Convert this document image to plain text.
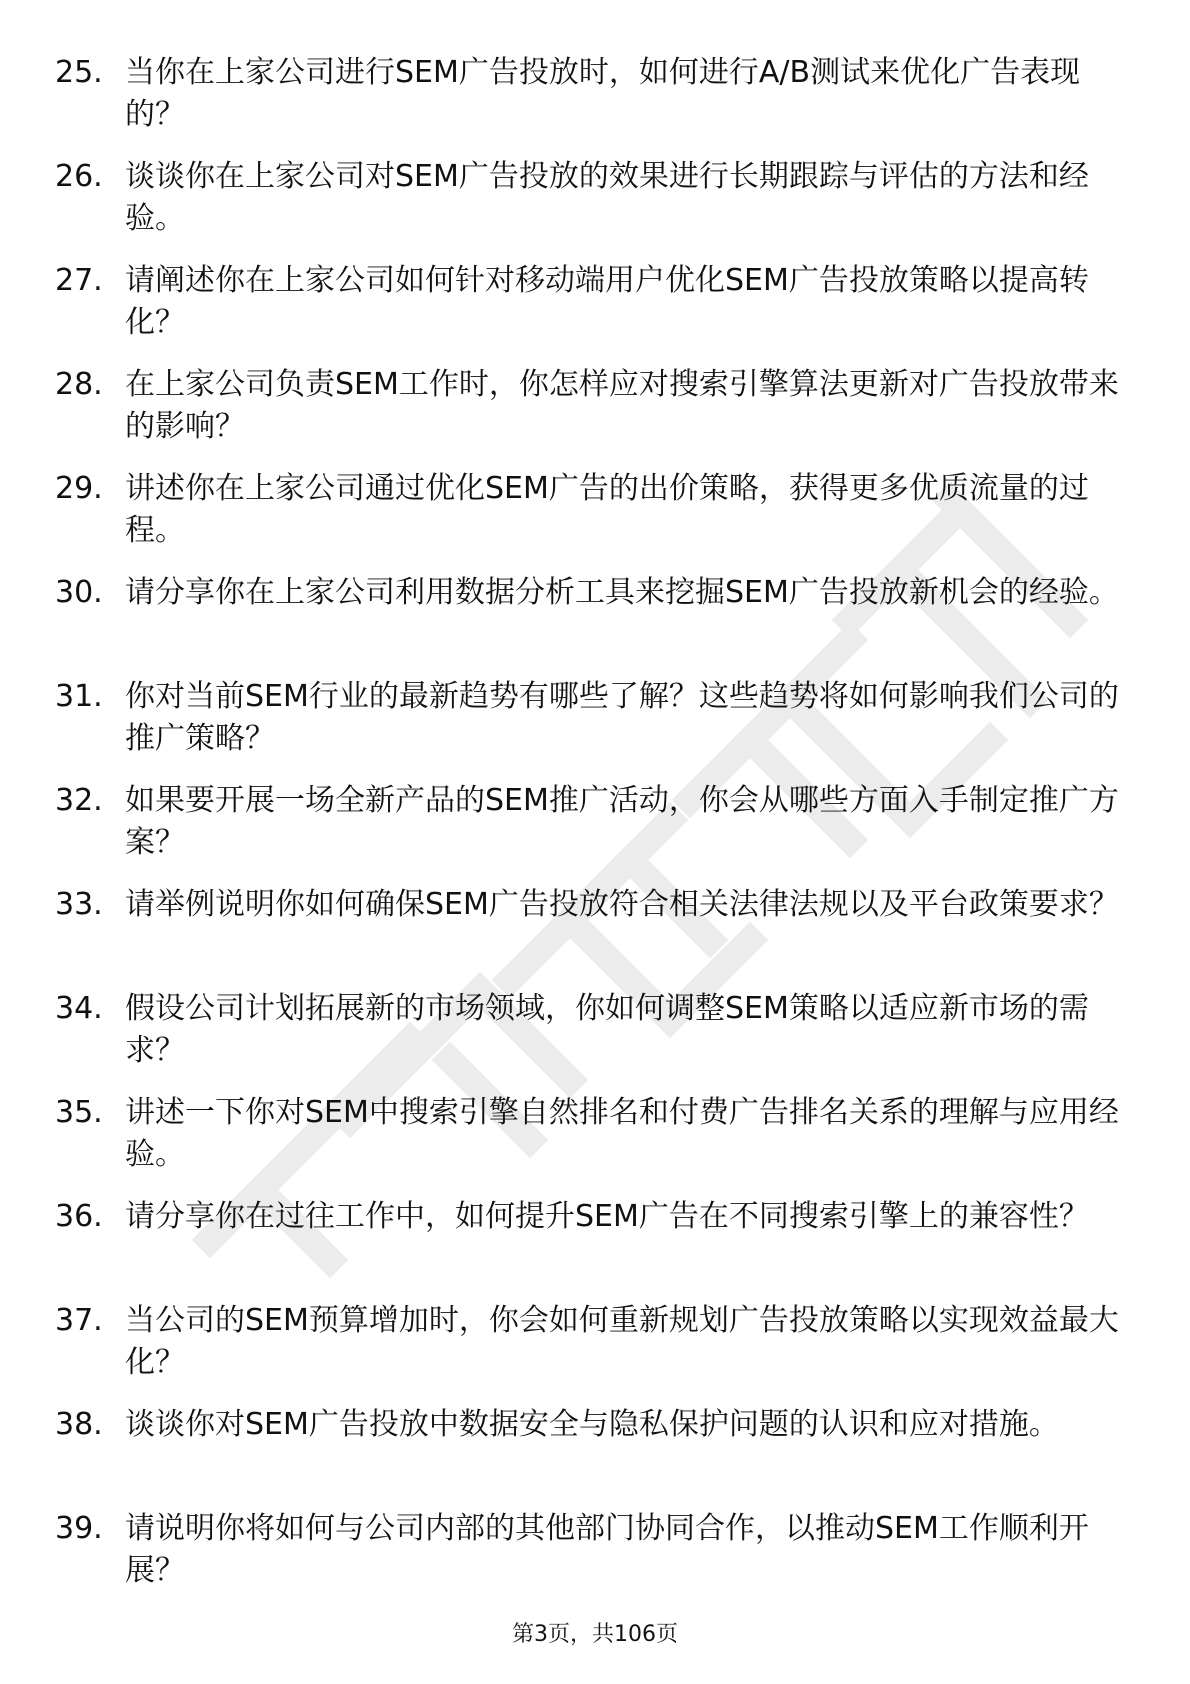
25. 当你在上家公司进行SEM广告投放时，如何进行A/B测试来优化广告表现的？
26. 谈谈你在上家公司对SEM广告投放的效果进行长期跟踪与评估的方法和经验。
27. 请阐述你在上家公司如何针对移动端用户优化SEM广告投放策略以提高转化？
28. 在上家公司负责SEM工作时，你怎样应对搜索引擎算法更新对广告投放带来的影响？
29. 讲述你在上家公司通过优化SEM广告的出价策略，获得更多优质流量的过程。
30. 请分享你在上家公司利用数据分析工具来挖掘SEM广告投放新机会的经验。
31. 你对当前SEM行业的最新趋势有哪些了解？这些趋势将如何影响我们公司的推广策略？
32. 如果要开展一场全新产品的SEM推广活动，你会从哪些方面入手制定推广方案？
33. 请举例说明你如何确保SEM广告投放符合相关法律法规以及平台政策要求？
34. 假设公司计划拓展新的市场领域，你如何调整SEM策略以适应新市场的需求？
35. 讲述一下你对SEM中搜索引擎自然排名和付费广告排名关系的理解与应用经验。
36. 请分享你在过往工作中，如何提升SEM广告在不同搜索引擎上的兼容性？
37. 当公司的SEM预算增加时，你会如何重新规划广告投放策略以实现效益最大化？
38. 谈谈你对SEM广告投放中数据安全与隐私保护问题的认识和应对措施。
39. 请说明你将如何与公司内部的其他部门协同合作，以推动SEM工作顺利开展？
第3页，共106页
